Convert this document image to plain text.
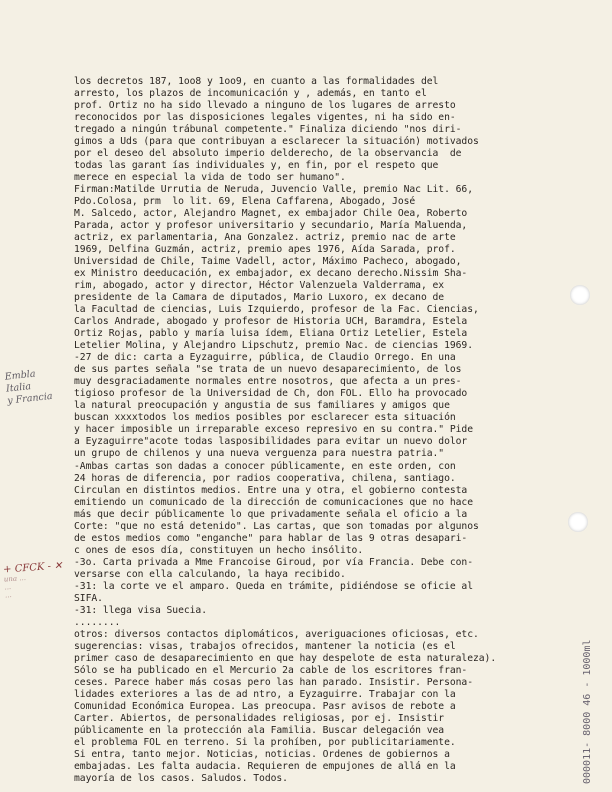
los decretos 187, 1oo8 y 1oo9, en cuanto a las formalidades del
arresto, los plazos de incomunicación y , además, en tanto el
prof. Ortiz no ha sido llevado a ninguno de los lugares de arresto
reconocidos por las disposiciones legales vigentes, ni ha sido en-
tregado a ningún trábunal competente." Finaliza diciendo "nos diri-
gimos a Uds (para que contribuyan a esclarecer la situación) motivados
por el deseo del absoluto imperio delderecho, de la observancia  de
todas las garant ías individuales y, en fin, por el respeto que
merece en especial la vida de todo ser humano".
Firman:Matilde Urrutia de Neruda, Juvencio Valle, premio Nac Lit. 66,
Pdo.Colosa, prm  lo lit. 69, Elena Caffarena, Abogado, José
M. Salcedo, actor, Alejandro Magnet, ex embajador Chile Oea, Roberto
Parada, actor y profesor universitario y secundario, María Maluenda,
actriz, ex parlamentaria, Ana Gonzalez. actriz, premio nac de arte
1969, Delfina Guzmán, actriz, premio apes 1976, Aída Sarada, prof.
Universidad de Chile, Taime Vadell, actor, Máximo Pacheco, abogado,
ex Ministro deeducación, ex embajador, ex decano derecho.Nissim Sha-
rim, abogado, actor y director, Héctor Valenzuela Valderrama, ex
presidente de la Camara de diputados, Mario Luxoro, ex decano de
la Facultad de ciencias, Luis Izquierdo, profesor de la Fac. Ciencias,
Carlos Andrade, abogado y profesor de Historia UCH, Baramdra, Estela
Ortiz Rojas, pablo y maría luisa ídem, Eliana Ortiz Letelier, Estela
Letelier Molina, y Alejandro Lipschutz, premio Nac. de ciencias 1969.
-27 de dic: carta a Eyzaguirre, pública, de Claudio Orrego. En una
de sus partes señala "se trata de un nuevo desaparecimiento, de los
muy desgraciadamente normales entre nosotros, que afecta a un pres-
tigioso profesor de la Universidad de Ch, don FOL. Ello ha provocado
la natural preocupación y angustia de sus familiares y amigos que
buscan xxxxtodos los medios posibles por esclarecer esta situación
y hacer imposible un irreparable exceso represivo en su contra." Pide
a Eyzaguirre"acote todas lasposibilidades para evitar un nuevo dolor
un grupo de chilenos y una nueva verguenza para nuestra patria."
-Ambas cartas son dadas a conocer públicamente, en este orden, con
24 horas de diferencia, por radios cooperativa, chilena, santiago.
Circulan en distintos medios. Entre una y otra, el gobierno contesta
emitiendo un comunicado de la dirección de comunicaciones que no hace
más que decir públicamente lo que privadamente señala el oficio a la
Corte: "que no está detenido". Las cartas, que son tomadas por algunos
de estos medios como "enganche" para hablar de las 9 otras desapari-
c ones de esos día, constituyen un hecho insólito.
-3o. Carta privada a Mme Francoise Giroud, por vía Francia. Debe con-
versarse con ella calculando, la haya recibido.
-31: la corte ve el amparo. Queda en trámite, pidiéndose se oficie al
SIFA.
-31: llega visa Suecia.
........
otros: diversos contactos diplomáticos, averiguaciones oficiosas, etc.
sugerencias: visas, trabajos ofrecidos, mantener la noticia (es el
primer caso de desaparecimiento en que hay despelote de esta naturaleza).
Sólo se ha publicado en el Mercurio 2a cable de los escritores fran-
ceses. Parece haber más cosas pero las han parado. Insistir. Persona-
lidades exteriores a las de ad ntro, a Eyzaguirre. Trabajar con la
Comunidad Económica Europea. Las preocupa. Pasr avisos de rebote a
Carter. Abiertos, de personalidades religiosas, por ej. Insistir
públicamente en la protección ala Familia. Buscar delegación vea
el problema FOL en terreno. Si la prohíben, por publicitariamente.
Si entra, tanto mejor. Noticias, noticias. Ordenes de gobiernos a
embajadas. Les falta audacia. Requieren de empujones de allá en la
mayoría de los casos. Saludos. Todos.
Embla
Italia
y Francia
+ CFCK - ✕
una ...
...
...
000011- 8000 46 - 1000ml
